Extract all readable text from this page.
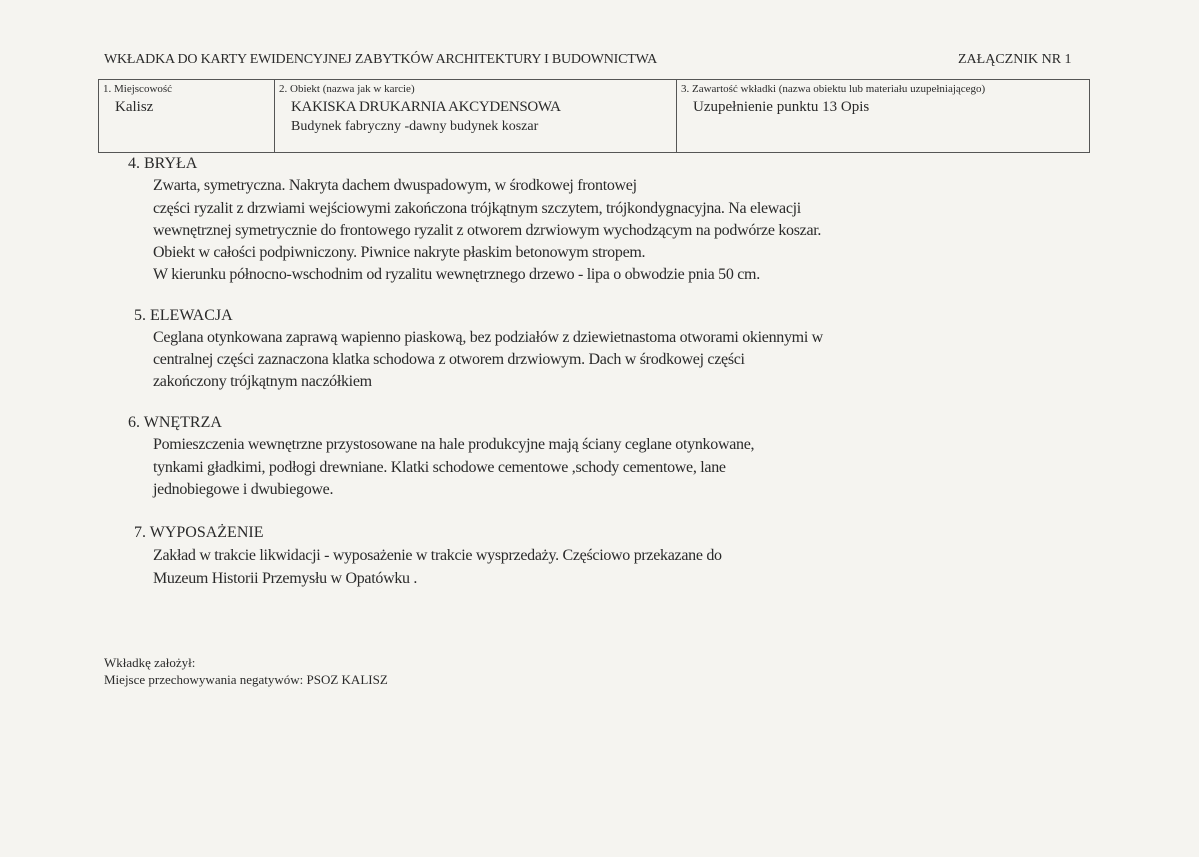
WKŁADKA DO KARTY EWIDENCYJNEJ ZABYTKÓW ARCHITEKTURY I BUDOWNICTWA	ZAŁĄCZNIK NR 1
1. Miejscowość
Kalisz
2. Obiekt (nazwa jak w karcie)
KAKISKA DRUKARNIA AKCYDENSOWA
Budynek fabryczny -dawny budynek koszar
3. Zawartość wkładki (nazwa obiektu lub materiału uzupełniającego)
Uzupełnienie punktu 13 Opis
4. BRYŁA
Zwarta, symetryczna. Nakryta dachem dwuspadowym, w środkowej frontowej
części ryzalit z drzwiami wejściowymi zakończona trójkątnym szczytem, trójkondygnacyjna. Na elewacji
wewnętrznej symetrycznie do frontowego ryzalit z otworem dzrwiowym wychodzącym na podwórze koszar.
Obiekt w całości podpiwniczony. Piwnice nakryte płaskim betonowym stropem.
W kierunku północno-wschodnim od ryzalitu wewnętrznego drzewo - lipa o obwodzie pnia 50 cm.
5. ELEWACJA
Ceglana otynkowana zaprawą wapienno piaskową, bez podziałów z dziewietnastoma otworami okiennymi w
centralnej części zaznaczona klatka schodowa z otworem drzwiowym. Dach w środkowej części
zakończony trójkątnym naczółkiem
6. WNĘTRZA
Pomieszczenia wewnętrzne przystosowane na hale produkcyjne mają ściany ceglane otynkowane,
tynkami gładkimi, podłogi drewniane. Klatki schodowe cementowe ,schody cementowe, lane
jednobiegowe i dwubiegowe.
7. WYPOSAŻENIE
Zakład w trakcie likwidacji - wyposażenie w trakcie wysprzedaży. Częściowo przekazane do
Muzeum Historii Przemysłu w Opatówku .
Wkładkę założył:
Miejsce przechowywania negatywów: PSOZ KALISZ
